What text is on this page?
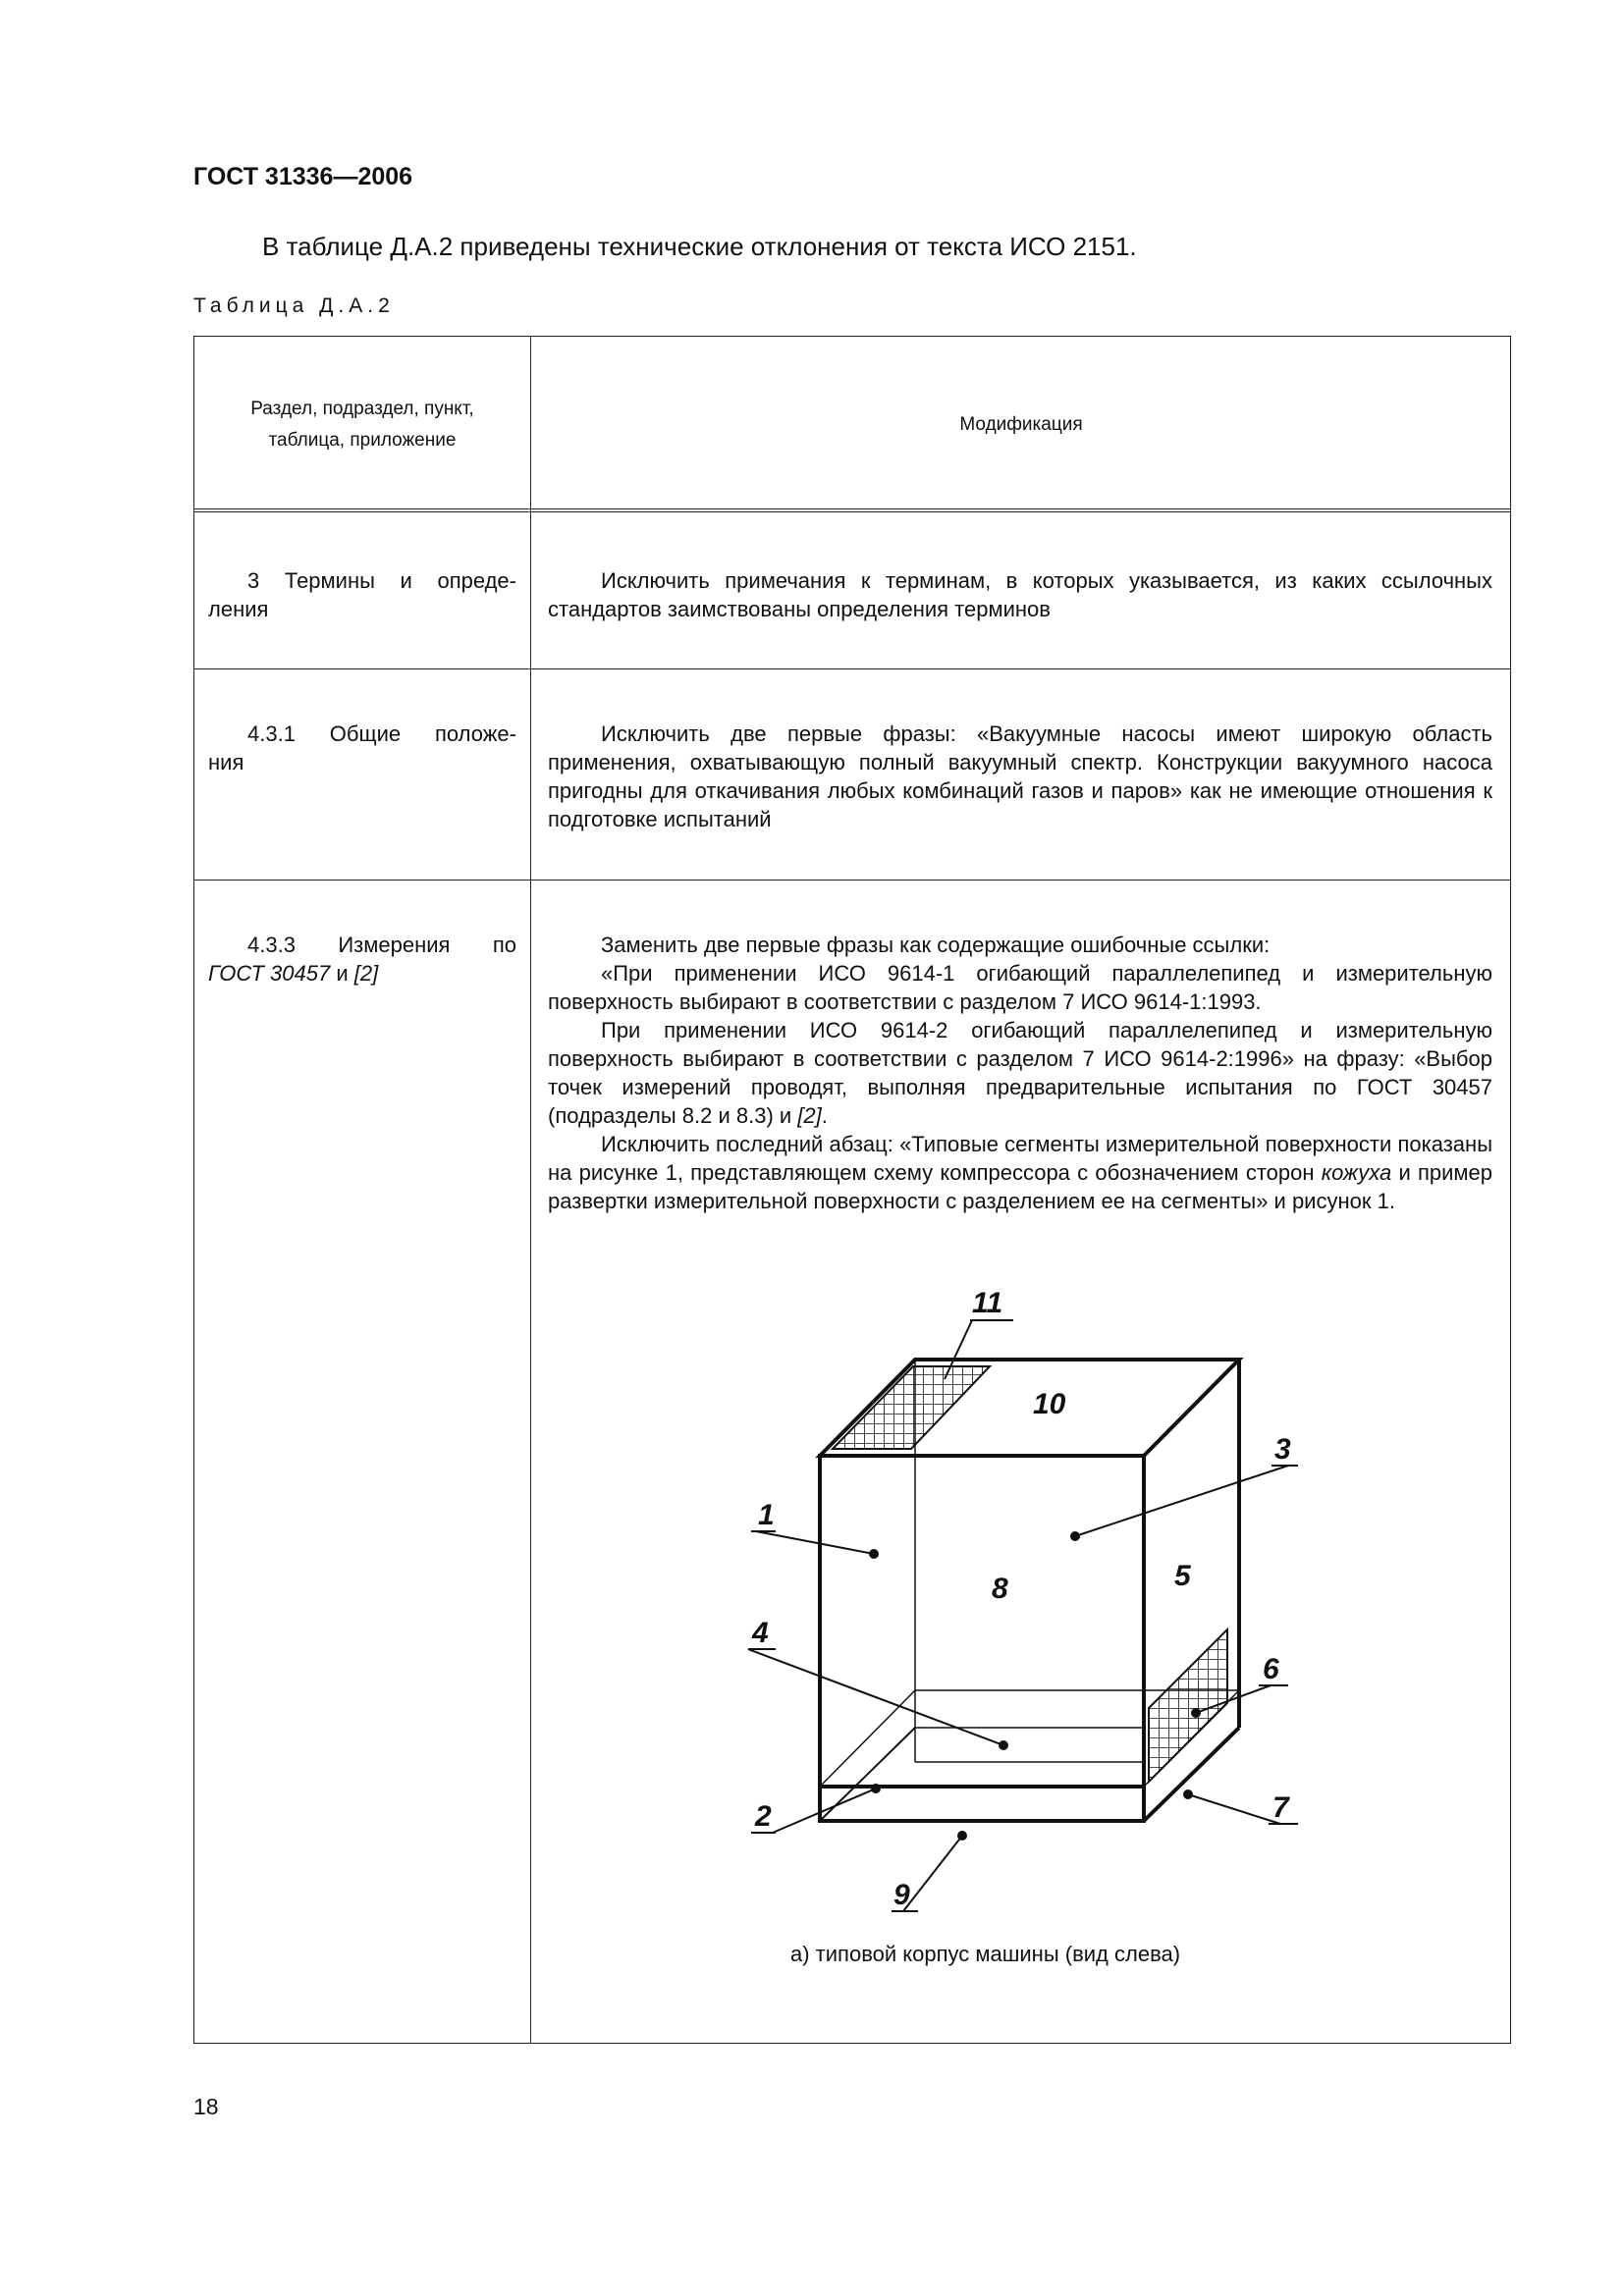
ГОСТ 31336—2006
В таблице Д.А.2 приведены технические отклонения от текста ИСО 2151.
Таблица Д.А.2
Раздел, подраздел, пункт,
таблица, приложение
Модификация
3 Термины и опреде-
ления
Исключить примечания к терминам, в которых указывается, из каких ссылочных стандартов заимствованы определения терминов
4.3.1 Общие положе-
ния
Исключить две первые фразы: «Вакуумные насосы имеют широкую область применения, охватывающую полный вакуумный спектр. Конструкции вакуумного насоса пригодны для откачивания любых комбинаций газов и паров» как не имеющие отношения к подготовке испытаний
4.3.3 Измерения по
ГОСТ 30457 и [2]

Заменить две первые фразы как содержащие ошибочные ссылки:

«При применении ИСО 9614-1 огибающий параллелепипед и измерительную поверхность выбирают в соответствии с разделом 7 ИСО 9614-1:1993.

При применении ИСО 9614-2 огибающий параллелепипед и измерительную поверхность выбирают в соответствии с разделом 7 ИСО 9614-2:1996» на фразу: «Выбор точек измерений проводят, выполняя предварительные испытания по ГОСТ 30457 (подразделы 8.2 и 8.3) и [2].

Исключить последний абзац: «Типовые сегменты измерительной поверхности показаны на рисунке 1, представляющем схему компрессора с обозначением сторон кожуха и пример развертки измерительной поверхности с разделением ее на сегменты» и рисунок 1.

1
2
3
4
5
6
7
8
9
10
11
а) типовой корпус машины (вид слева)
18
